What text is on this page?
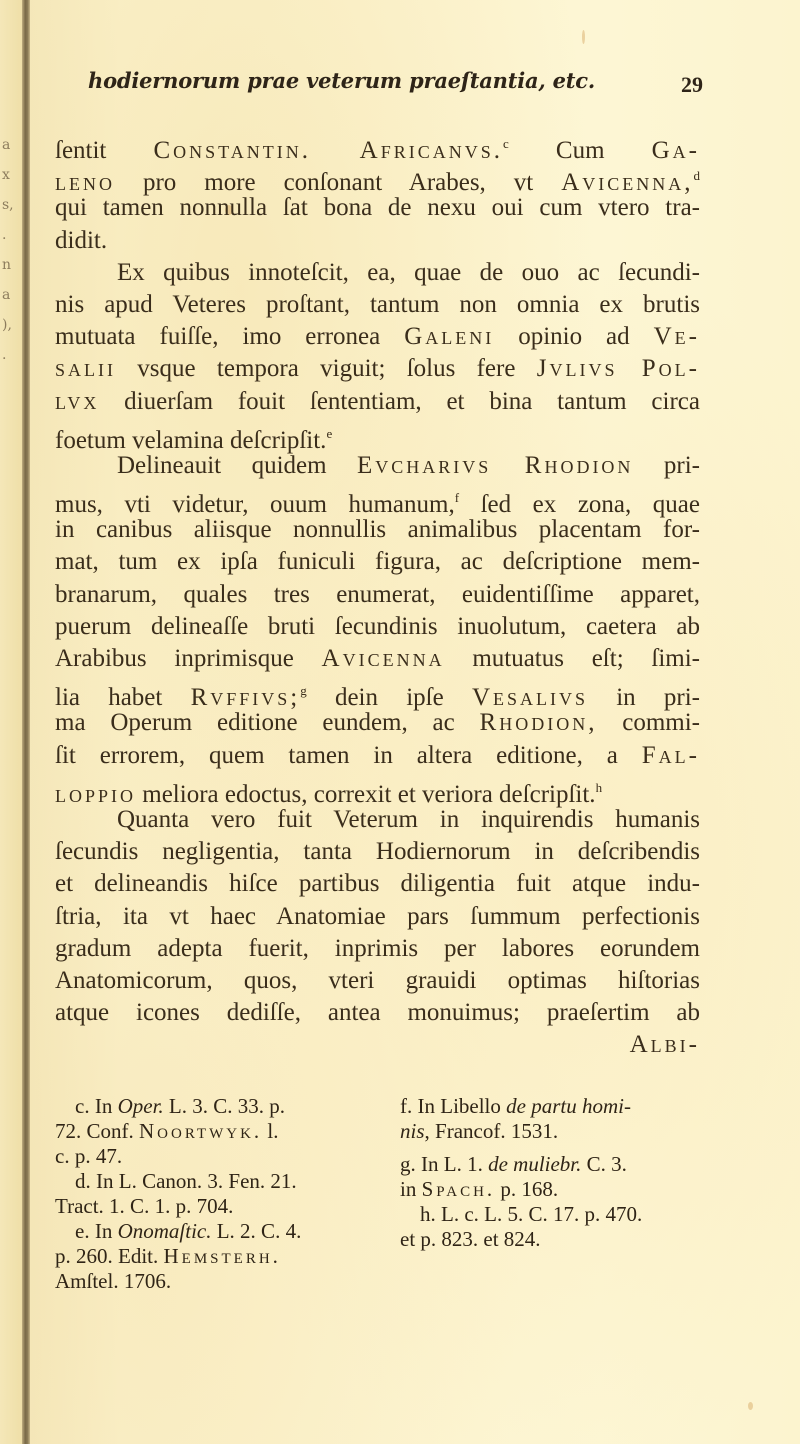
a
x
s,
.
n
a
),
.
hodiernorum prae veterum praeſtantia, etc.	29
ſentit Constantin. Africanvs.$^c$ Cum Ga-
leno pro more conſonant Arabes, vt Avicenna,$^d$
qui tamen nonnulla ſat bona de nexu oui cum vtero tra-
didit.
Ex quibus innoteſcit, ea, quae de ouo ac ſecundi-
nis apud Veteres proſtant, tantum non omnia ex brutis
mutuata fuiſſe, imo erronea Galeni opinio ad Ve-
salii vsque tempora viguit; ſolus fere Jvlivs Pol-
lvx diuerſam fouit ſententiam, et bina tantum circa
foetum velamina deſcripſit.$^e$
Delineauit quidem Evcharivs Rhodion pri-
mus, vti videtur, ouum humanum,$^f$ ſed ex zona, quae
in canibus aliisque nonnullis animalibus placentam for-
mat, tum ex ipſa funiculi figura, ac deſcriptione mem-
branarum, quales tres enumerat, euidentiſſime apparet,
puerum delineaſſe bruti ſecundinis inuolutum, caetera ab
Arabibus inprimisque Avicenna mutuatus eſt; ſimi-
lia habet Rvffivs;$^g$ dein ipſe Vesalivs in pri-
ma Operum editione eundem, ac Rhodion, commi-
ſit errorem, quem tamen in altera editione, a Fal-
loppio meliora edoctus, correxit et veriora deſcripſit.$^h$
Quanta vero fuit Veterum in inquirendis humanis
ſecundis negligentia, tanta Hodiernorum in deſcribendis
et delineandis hiſce partibus diligentia fuit atque indu-
ſtria, ita vt haec Anatomiae pars ſummum perfectionis
gradum adepta fuerit, inprimis per labores eorundem
Anatomicorum, quos, vteri grauidi optimas hiſtorias
atque icones dediſſe, antea monuimus; praeſertim ab
Albi-
c. In Oper. L. 3. C. 33. p.
72. Conf. Noortwyk. l.
c. p. 47.
d. In L. Canon. 3. Fen. 21.
Tract. 1. C. 1. p. 704.
e. In Onomaſtic. L. 2. C. 4.
p. 260. Edit. Hemsterh.
Amſtel. 1706.
f. In Libello de partu homi-
nis, Francof. 1531.
g. In L. 1. de muliebr. C. 3.
in Spach. p. 168.
h. L. c. L. 5. C. 17. p. 470.
et p. 823. et 824.
